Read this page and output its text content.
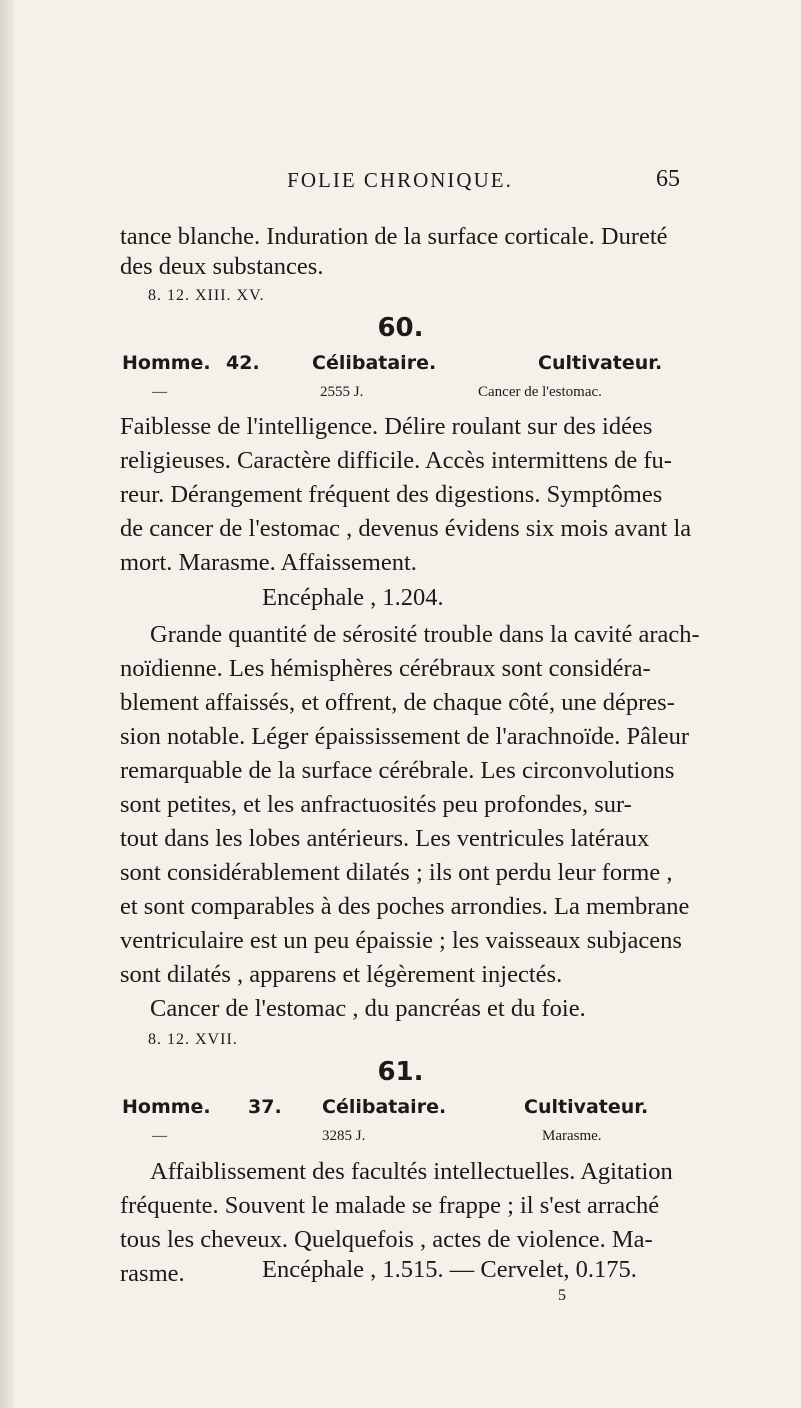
FOLIE CHRONIQUE.	65
tance blanche. Induration de la surface corticale. Dureté
des deux substances.
8. 12. XIII. XV.
60.
Homme. 42.	Célibataire.	Cultivateur.
—	2555 J.	Cancer de l'estomac.
Faiblesse de l'intelligence. Délire roulant sur des idées
religieuses. Caractère difficile. Accès intermittens de fu-
reur. Dérangement fréquent des digestions. Symptômes
de cancer de l'estomac , devenus évidens six mois avant la
mort. Marasme. Affaissement.
Encéphale , 1.204.
Grande quantité de sérosité trouble dans la cavité arach-
noïdienne. Les hémisphères cérébraux sont considéra-
blement affaissés, et offrent, de chaque côté, une dépres-
sion notable. Léger épaississement de l'arachnoïde. Pâleur
remarquable de la surface cérébrale. Les circonvolutions
sont petites, et les anfractuosités peu profondes, sur-
tout dans les lobes antérieurs. Les ventricules latéraux
sont considérablement dilatés ; ils ont perdu leur forme ,
et sont comparables à des poches arrondies. La membrane
ventriculaire est un peu épaissie ; les vaisseaux subjacens
sont dilatés , apparens et légèrement injectés.
Cancer de l'estomac , du pancréas et du foie.
8. 12. XVII.
61.
Homme. 37. Célibataire.	Cultivateur.
—	3285 J.	Marasme.
Affaiblissement des facultés intellectuelles. Agitation
fréquente. Souvent le malade se frappe ; il s'est arraché
tous les cheveux. Quelquefois , actes de violence. Ma-
rasme.	Encéphale , 1.515. — Cervelet, 0.175.
5
